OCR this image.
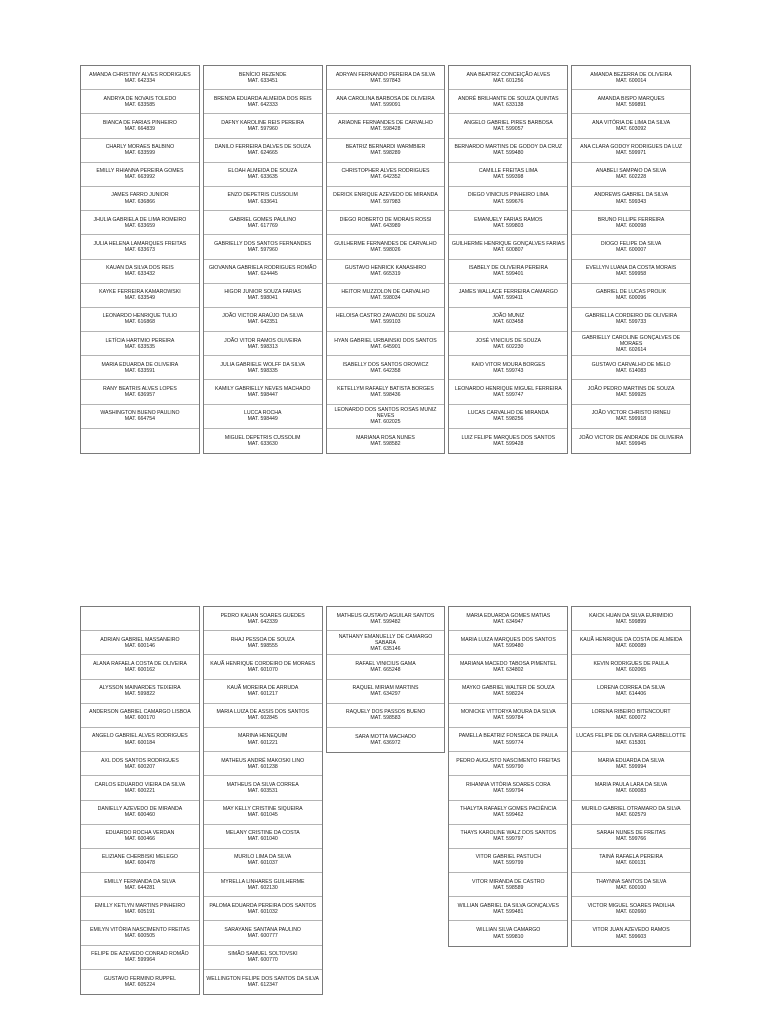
AMANDA CHRISTINY ALVES RODRIGUES
MAT. 642334
ANDRYA DE NOVAIS TOLEDO
MAT. 633585
BIANCA DE FARIAS PINHEIRO
MAT. 664839
CHARLY MORAES BALBINO
MAT. 633599
EMILLY RHIANNA PEREIRA GOMES
MAT. 663992
JAMES FARRO JUNIOR
MAT. 636866
JHULIA GABRIELA DE LIMA ROMEIRO
MAT. 633659
JULIA HELENA LAMARQUES FREITAS
MAT. 633673
KAUAN DA SILVA DOS REIS
MAT. 633432
KAYKE FERREIRA KAMAROWSKI
MAT. 633549
LEONARDO HENRIQUE TULIO
MAT. 616868
LETÍCIA HARTMIO PEREIRA
MAT. 633535
MARIA EDUARDA DE OLIVEIRA
MAT. 633591
RANY BEATRIS ALVES LOPES
MAT. 636957
WASHINGTON BUENO PAULINO
MAT. 664754
BENÍCIO REZENDE
MAT. 633451
BRENDA EDUARDA ALMEIDA DOS REIS
MAT. 642333
DAFNY KAROLINE REIS PEREIRA
MAT. 597960
DANILO FERREIRA DALVES DE SOUZA
MAT. 624665
ELOAH ALMEIDA DE SOUZA
MAT. 633635
ENZO DEPETRIS CUSSOLIM
MAT. 633641
GABRIEL GOMES PAULINO
MAT. 617769
GABRIELLY DOS SANTOS FERNANDES
MAT. 597960
GIOVANNA GABRIELA RODRIGUES ROMÃO
MAT. 624445
HIGOR JUNIOR SOUZA FARIAS
MAT. 598041
JOÃO VICTOR ARAÚJO DA SILVA
MAT. 642351
JOÃO VITOR RAMOS OLIVEIRA
MAT. 598313
JULIA GABRIELE WOLFF DA SILVA
MAT. 598335
KAMILY GABRIELLY NEVES MACHADO
MAT. 598447
LUCCA ROCHA
MAT. 598449
MIGUEL DEPETRIS CUSSOLIM
MAT. 633630
ADRYAN FERNANDO PEREIRA DA SILVA
MAT. 597843
ANA CAROLINA BARBOSA DE OLIVEIRA
MAT. 599091
ARIADNE FERNANDES DE CARVALHO
MAT. 598428
BEATRIZ BERNARDI WARMBIER
MAT. 598289
CHRISTOPHER ALVES RODRIGUES
MAT. 642352
DERICK ENRIQUE AZEVEDO DE MIRANDA
MAT. 597983
DIEGO ROBERTO DE MORAIS ROSSI
MAT. 643989
GUILHERME FERNANDES DE CARVALHO
MAT. 598026
GUSTAVO HENRICK KANASHIRO
MAT. 665319
HEITOR MUZZOLON DE CARVALHO
MAT. 598034
HELOISA CASTRO ZAVADZKI DE SOUZA
MAT. 599103
HYAN GABRIEL URBAINSKI DOS SANTOS
MAT. 645901
ISABELLY DOS SANTOS OROWICZ
MAT. 642358
KETELLYM RAFAELY BATISTA BORGES
MAT. 598436
LEONARDO DOS SANTOS ROSAS MUNIZ NEVES
MAT. 602025
MARIANA ROSA NUNES
MAT. 598582
ANA BEATRIZ CONCEIÇÃO ALVES
MAT. 601256
ANDRÉ BRILHANTE DE SOUZA QUINTAS
MAT. 633138
ANGELO GABRIEL PIRES BARBOSA
MAT. 599057
BERNARDO MARTINS DE GODOY DA CRUZ
MAT. 599480
CAMILLE FREITAS LIMA
MAT. 599398
DIEGO VINICIUS PINHEIRO LIMA
MAT. 599676
EMANUELY FARIAS RAMOS
MAT. 599803
GUILHERME HENRIQUE GONÇALVES FARIAS
MAT. 600807
ISABELY DE OLIVEIRA PEREIRA
MAT. 599401
JAMES WALLACE FERREIRA CAMARGO
MAT. 599411
JOÃO MUNIZ
MAT. 603458
JOSÉ VINICIUS DE SOUZA
MAT. 602230
KAIO VITOR MOURA BORGES
MAT. 599743
LEONARDO HENRIQUE MIGUEL FERREIRA
MAT. 599747
LUCAS CARVALHO DE MIRANDA
MAT. 598256
LUIZ FELIPE MARQUES DOS SANTOS
MAT. 599428
AMANDA BEZERRA DE OLIVEIRA
MAT. 600014
AMANDA BISPO MARQUES
MAT. 599891
ANA VITÓRIA DE LIMA DA SILVA
MAT. 603092
ANA CLARA GODOY RODRIGUES DA LUZ
MAT. 599971
ANABELI SAMPAIO DA SILVA
MAT. 602228
ANDREWS GABRIEL DA SILVA
MAT. 599343
BRUNO FILLIPE FERREIRA
MAT. 600098
DIOGO FELIPE DA SILVA
MAT. 600007
EVELLYN LUANA DA COSTA MORAIS
MAT. 599958
GABRIEL DE LUCAS PROLIK
MAT. 600096
GABRIELLA CORDEIRO DE OLIVEIRA
MAT. 599733
GABRIELLY CAROLINE GONÇALVES DE MORAES
MAT. 602614
GUSTAVO CARVALHO DE MELO
MAT. 614083
JOÃO PEDRO MARTINS DE SOUZA
MAT. 599925
JOÃO VICTOR CHRISTO IRINEU
MAT. 599918
JOÃO VICTOR DE ANDRADE DE OLIVEIRA
MAT. 599945
ADRIAN GABRIEL MASSANEIRO
MAT. 600146
ALANA RAFAELA COSTA DE OLIVEIRA
MAT. 600162
ALYSSON MAINARDES TEIXEIRA
MAT. 599822
ANDERSON GABRIEL CAMARGO LISBOA
MAT. 600170
ANGELO GABRIEL ALVES RODRIGUES
MAT. 600184
AXL DOS SANTOS RODRIGUES
MAT. 600207
CARLOS EDUARDO VIEIRA DA SILVA
MAT. 600221
DANIELLY AZEVEDO DE MIRANDA
MAT. 600460
EDUARDO ROCHA VERDAN
MAT. 600466
ELIZIANE CHERBISKI MELEGO
MAT. 600478
EMILLY FERNANDA DA SILVA
MAT. 644281
EMILLY KETLYN MARTINS PINHEIRO
MAT. 605191
EMILYN VITÓRIA NASCIMENTO FREITAS
MAT. 600505
FELIPE DE AZEVEDO CONRAD ROMÃO
MAT. 599964
GUSTAVO FERMINO RUPPEL
MAT. 605224
PEDRO KAUAN SOARES GUEDES
MAT. 642339
RHAJ PESSOA DE SOUZA
MAT. 598555
KAUÃ HENRIQUE CORDEIRO DE MORAES
MAT. 601070
KAUÃ MOREIRA DE ARRUDA
MAT. 601217
MARIA LUIZA DE ASSIS DOS SANTOS
MAT. 602845
MARINA HENEQUIM
MAT. 601221
MATHEUS ANDRÉ MAKOSKI LINO
MAT. 601238
MATHEUS DA SILVA CORREA
MAT. 603531
MAY KELLY CRISTINE SIQUEIRA
MAT. 601045
MELANY CRISTINE DA COSTA
MAT. 601040
MURILO LIMA DA SILVA
MAT. 601037
MYRELLA LINHARES GUILHERME
MAT. 602130
PALOMA EDUARDA PEREIRA DOS SANTOS
MAT. 601032
SARAYANE SANTANA PAULINO
MAT. 600777
SIMÃO SAMUEL SOLTOVSKI
MAT. 600770
WELLINGTON FELIPE DOS SANTOS DA SILVA
MAT. 612347
MATHEUS GUSTAVO AGUILAR SANTOS
MAT. 599482
NATHANY EMANUELLY DE CAMARGO SABARA
MAT. 635146
RAFAEL VINICIUS GAMA
MAT. 665248
RAQUEL MIRIAM MARTINS
MAT. 634297
RAQUELY DOS PASSOS BUENO
MAT. 598583
SARA MOTTA MACHADO
MAT. 636972
MARIA EDUARDA GOMES MATIAS
MAT. 634947
MARIA LUIZA MARQUES DOS SANTOS
MAT. 599480
MARIANA MACEDO TABOSA PIMENTEL
MAT. 634802
MAYKO GABRIEL WALTER DE SOUZA
MAT. 598224
MONICKE VITTORYA MOURA DA SILVA
MAT. 599784
PAMELLA BEATRIZ FONSECA DE PAULA
MAT. 599774
PEDRO AUGUSTO NASCIMENTO FREITAS
MAT. 599790
RIHANNA VITÓRIA SOARES CORA
MAT. 599794
THALYTA RAFAELY GOMES PACIÊNCIA
MAT. 599462
THAYS KAROLINE WALZ DOS SANTOS
MAT. 599797
VITOR GABRIEL PASTUCH
MAT. 599799
VITOR MIRANDA DE CASTRO
MAT. 598589
WILLIAN GABRIEL DA SILVA GONÇALVES
MAT. 599481
WILLIAN SILVA CAMARGO
MAT. 599810
KAICK HUAN DA SILVA EURIMIDIO
MAT. 599899
KAUÃ HENRIQUE DA COSTA DE ALMEIDA
MAT. 600089
KEVIN RODRIGUES DE PAULA
MAT. 602065
LORENA CORREA DA SILVA
MAT. 614406
LORENA RIBEIRO BITENCOURT
MAT. 600072
LUCAS FELIPE DE OLIVEIRA GARBELLOTTE
MAT. 615301
MARIA EDUARDA DA SILVA
MAT. 599994
MARIA PAULA LARA DA SILVA
MAT. 600083
MURILO GABRIEL OTRAMARO DA SILVA
MAT. 602579
SARAH NUNES DE FREITAS
MAT. 599766
TAINÁ RAFAELA PEREIRA
MAT. 600131
THAYNNA SANTOS DA SILVA
MAT. 600100
VICTOR MIGUEL SOARES PADILHA
MAT. 602660
VITOR JUAN AZEVEDO RAMOS
MAT. 599603
